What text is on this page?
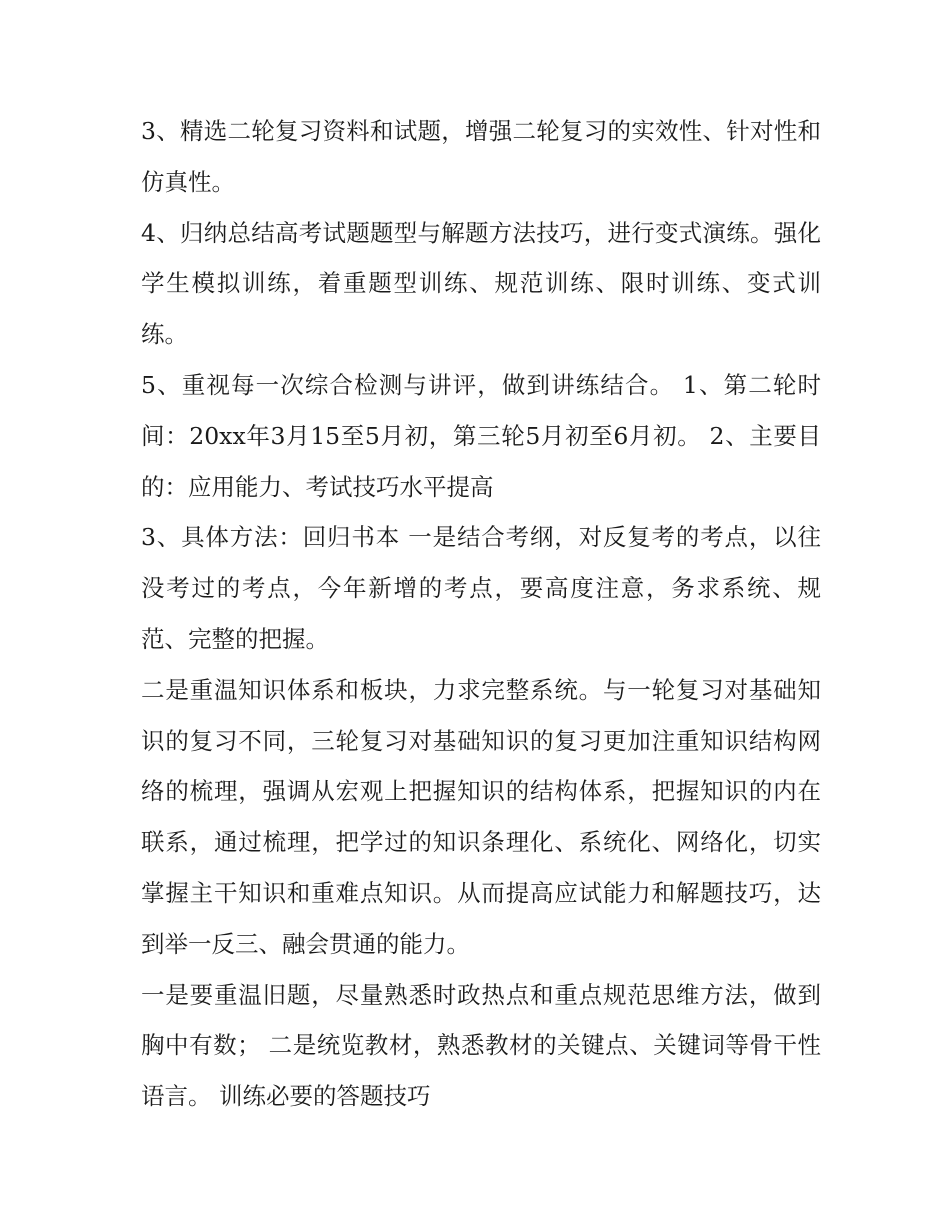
3、精选二轮复习资料和试题，增强二轮复习的实效性、针对性和仿真性。

4、归纳总结高考试题题型与解题方法技巧，进行变式演练。强化学生模拟训练，着重题型训练、规范训练、限时训练、变式训练。

5、重视每一次综合检测与讲评，做到讲练结合。 1、第二轮时间：20xx年3月15至5月初，第三轮5月初至6月初。 2、主要目的：应用能力、考试技巧水平提高

3、具体方法：回归书本 一是结合考纲，对反复考的考点，以往没考过的考点，今年新增的考点，要高度注意，务求系统、规范、完整的把握。

二是重温知识体系和板块，力求完整系统。与一轮复习对基础知识的复习不同，三轮复习对基础知识的复习更加注重知识结构网络的梳理，强调从宏观上把握知识的结构体系，把握知识的内在联系，通过梳理，把学过的知识条理化、系统化、网络化，切实掌握主干知识和重难点知识。从而提高应试能力和解题技巧，达到举一反三、融会贯通的能力。

一是要重温旧题，尽量熟悉时政热点和重点规范思维方法，做到胸中有数； 二是统览教材，熟悉教材的关键点、关键词等骨干性语言。 训练必要的答题技巧
